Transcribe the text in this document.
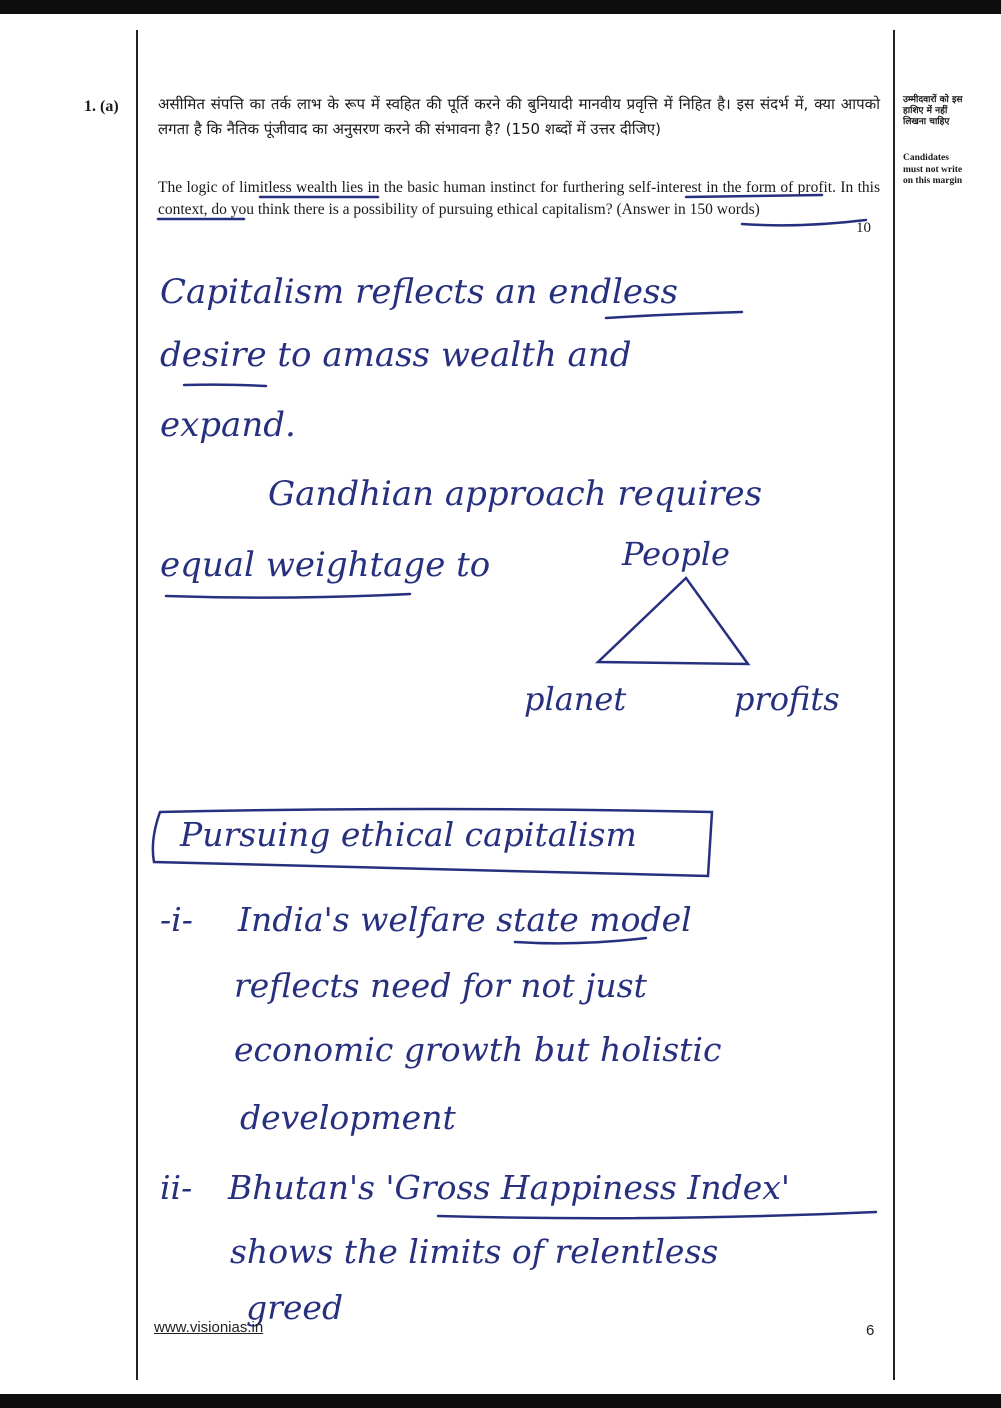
1. (a)	असीमित संपत्ति का तर्क लाभ के रूप में स्वहित की पूर्ति करने की बुनियादी मानवीय प्रवृत्ति में निहित है। इस संदर्भ में, क्या आपको लगता है कि नैतिक पूंजीवाद का अनुसरण करने की संभावना है? (150 शब्दों में उत्तर दीजिए)
The logic of limitless wealth lies in the basic human instinct for furthering self-interest in the form of profit. In this context, do you think there is a possibility of pursuing ethical capitalism? (Answer in 150 words)
10
उम्मीदवारों को इस हाशिए में नहीं लिखना चाहिए
Candidates must not write on this margin
Capitalism reflects an endless
desire to amass wealth and
expand.
Gandhian approach requires
equal weightage to	People
planet	profits
Pursuing ethical capitalism
-i- India's welfare state model
reflects need for not just
economic growth but holistic
development
ii- Bhutan's 'Gross Happiness Index'
shows the limits of relentless
greed
www.visionias.in	6
